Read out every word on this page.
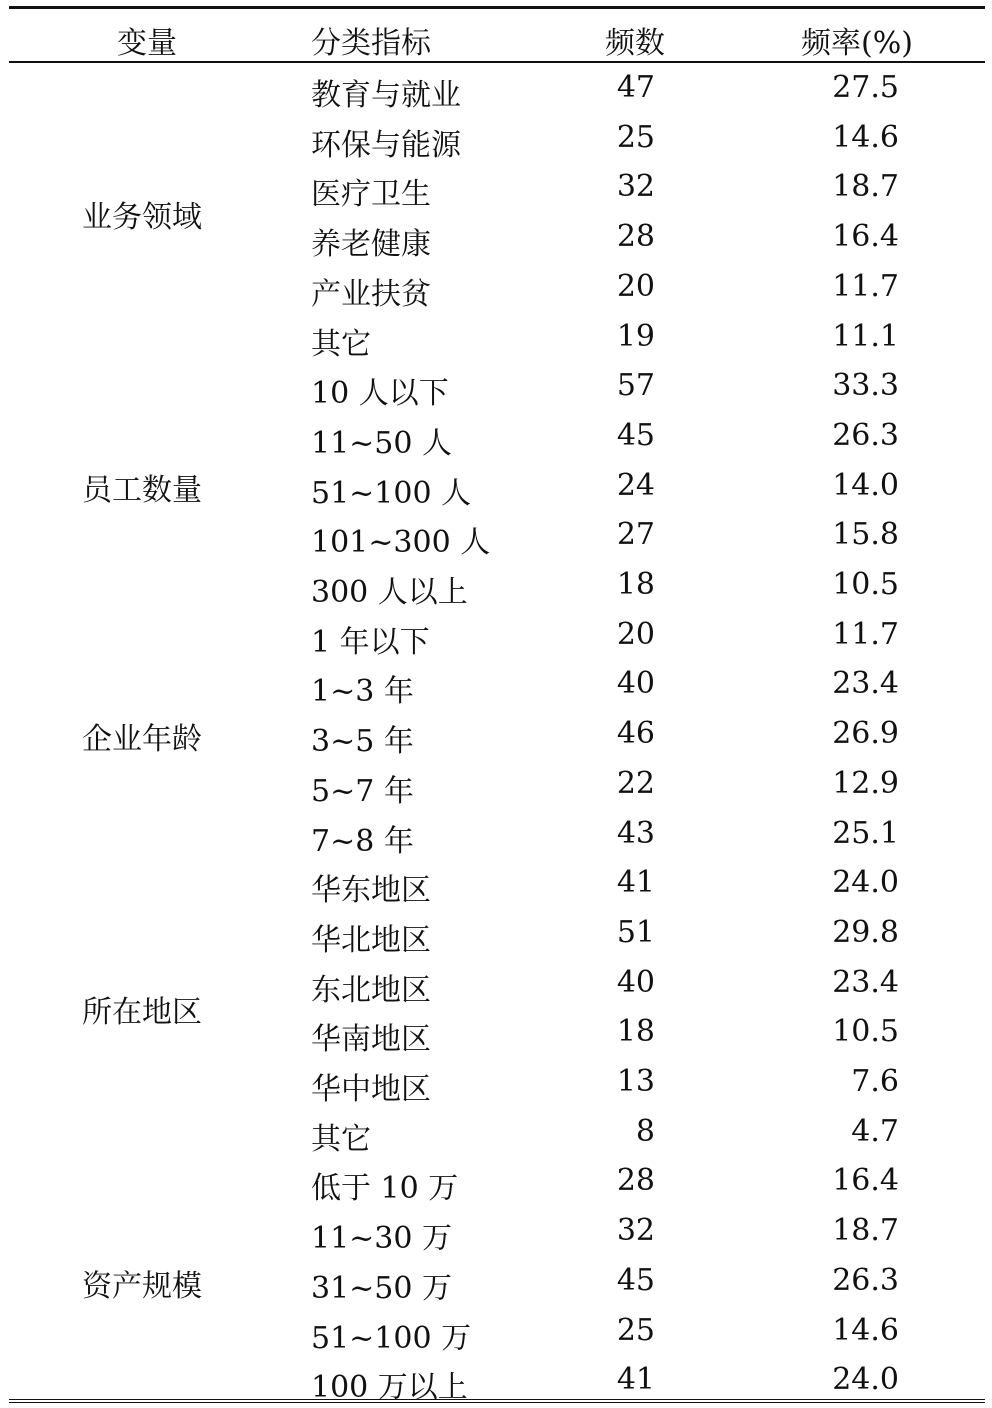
变量	分类指标	频数	频率(%)
业务领域
教育与就业	47	27.5
环保与能源	25	14.6
医疗卫生	32	18.7
养老健康	28	16.4
产业扶贫	20	11.7
其它	19	11.1
员工数量
10 人以下	57	33.3
11~50 人	45	26.3
51~100 人	24	14.0
101~300 人	27	15.8
300 人以上	18	10.5
企业年龄
1 年以下	20	11.7
1~3 年	40	23.4
3~5 年	46	26.9
5~7 年	22	12.9
7~8 年	43	25.1
所在地区
华东地区	41	24.0
华北地区	51	29.8
东北地区	40	23.4
华南地区	18	10.5
华中地区	13	7.6
其它	8	4.7
资产规模
低于 10 万	28	16.4
11~30 万	32	18.7
31~50 万	45	26.3
51~100 万	25	14.6
100 万以上	41	24.0
